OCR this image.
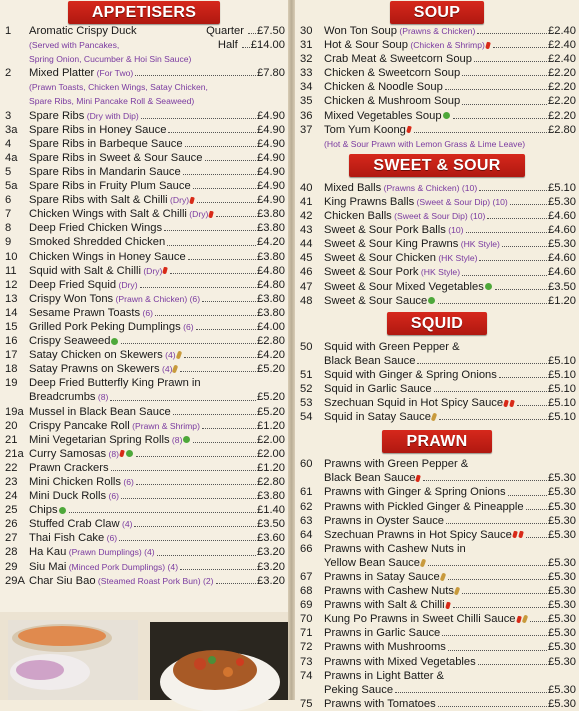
APPETISERS
1	Aromatic Crispy Duck	Quarter £7.50
(Served with Pancakes,	Half £14.00
Spring Onion, Cucumber & Hoi Sin Sauce)
2	Mixed Platter (For Two)	£7.80
(Prawn Toasts, Chicken Wings, Satay Chicken,
Spare Ribs, Mini Pancake Roll & Seaweed)
3	Spare Ribs (Dry with Dip)	£4.90
3a	Spare Ribs in Honey Sauce	£4.90
4	Spare Ribs in Barbeque Sauce	£4.90
4a	Spare Ribs in Sweet & Sour Sauce	£4.90
5	Spare Ribs in Mandarin Sauce	£4.90
5a	Spare Ribs in Fruity Plum Sauce	£4.90
6	Spare Ribs with Salt & Chilli (Dry)	£4.90
7	Chicken Wings with Salt & Chilli (Dry)	£3.80
8	Deep Fried Chicken Wings	£3.80
9	Smoked Shredded Chicken	£4.20
10	Chicken Wings in Honey Sauce	£3.80
11	Squid with Salt & Chilli (Dry)	£4.80
12	Deep Fried Squid (Dry)	£4.80
13	Crispy Won Tons (Prawn & Chicken) (6)	£3.80
14	Sesame Prawn Toasts (6)	£3.80
15	Grilled Pork Peking Dumplings (6)	£4.00
16	Crispy Seaweed	£2.80
17	Satay Chicken on Skewers (4)	£4.20
18	Satay Prawns on Skewers (4)	£5.20
19	Deep Fried Butterfly King Prawn in
Breadcrumbs (8)	£5.20
19a Mussel in Black Bean Sauce	£5.20
20	Crispy Pancake Roll (Prawn & Shrimp)	£1.20
21	Mini Vegetarian Spring Rolls (8)	£2.00
21a Curry Samosas (8)	£2.00
22	Prawn Crackers	£1.20
23	Mini Chicken Rolls (6)	£2.80
24	Mini Duck Rolls (6)	£3.80
25	Chips	£1.40
26	Stuffed Crab Claw (4)	£3.50
27	Thai Fish Cake (6)	£3.60
28	Ha Kau (Prawn Dumplings) (4)	£3.20
29	Siu Mai (Minced Pork Dumplings) (4)	£3.20
29A Char Siu Bao (Steamed Roast Pork Bun) (2)	£3.20
SOUP
30	Won Ton Soup (Prawns & Chicken)	£2.40
31	Hot & Sour Soup (Chicken & Shrimp)	£2.40
32	Crab Meat & Sweetcorn Soup	£2.40
33	Chicken & Sweetcorn Soup	£2.20
34	Chicken & Noodle Soup	£2.20
35	Chicken & Mushroom Soup	£2.20
36	Mixed Vegetables Soup	£2.20
37	Tom Yum Koong	£2.80
(Hot & Sour Prawn with Lemon Grass & Lime Leave)
SWEET & SOUR
40	Mixed Balls (Prawns & Chicken) (10)	£5.10
41	King Prawns Balls (Sweet & Sour Dip) (10)	£5.30
42	Chicken Balls (Sweet & Sour Dip) (10)	£4.60
43	Sweet & Sour Pork Balls (10)	£4.60
44	Sweet & Sour King Prawns (HK Style)	£5.30
45	Sweet & Sour Chicken (HK Style)	£4.60
46	Sweet & Sour Pork (HK Style)	£4.60
47	Sweet & Sour Mixed Vegetables	£3.50
48	Sweet & Sour Sauce	£1.20
SQUID
50	Squid with Green Pepper &
Black Bean Sauce	£5.10
51	Squid with Ginger & Spring Onions	£5.10
52	Squid in Garlic Sauce	£5.10
53	Szechuan Squid in Hot Spicy Sauce	£5.10
54	Squid in Satay Sauce	£5.10
PRAWN
60	Prawns with Green Pepper &
Black Bean Sauce	£5.30
61	Prawns with Ginger & Spring Onions	£5.30
62	Prawns with Pickled Ginger & Pineapple £5.30
63	Prawns in Oyster Sauce	£5.30
64	Szechuan Prawns in Hot Spicy Sauce	£5.30
66	Prawns with Cashew Nuts in
Yellow Bean Sauce	£5.30
67	Prawns in Satay Sauce	£5.30
68	Prawns with Cashew Nuts	£5.30
69	Prawns with Salt & Chilli	£5.30
70	Kung Po Prawns in Sweet Chilli Sauce	£5.30
71	Prawns in Garlic Sauce	£5.30
72	Prawns with Mushrooms	£5.30
73	Prawns with Mixed Vegetables	£5.30
74	Prawns in Light Batter &
Peking Sauce	£5.30
75	Prawns with Tomatoes	£5.30
